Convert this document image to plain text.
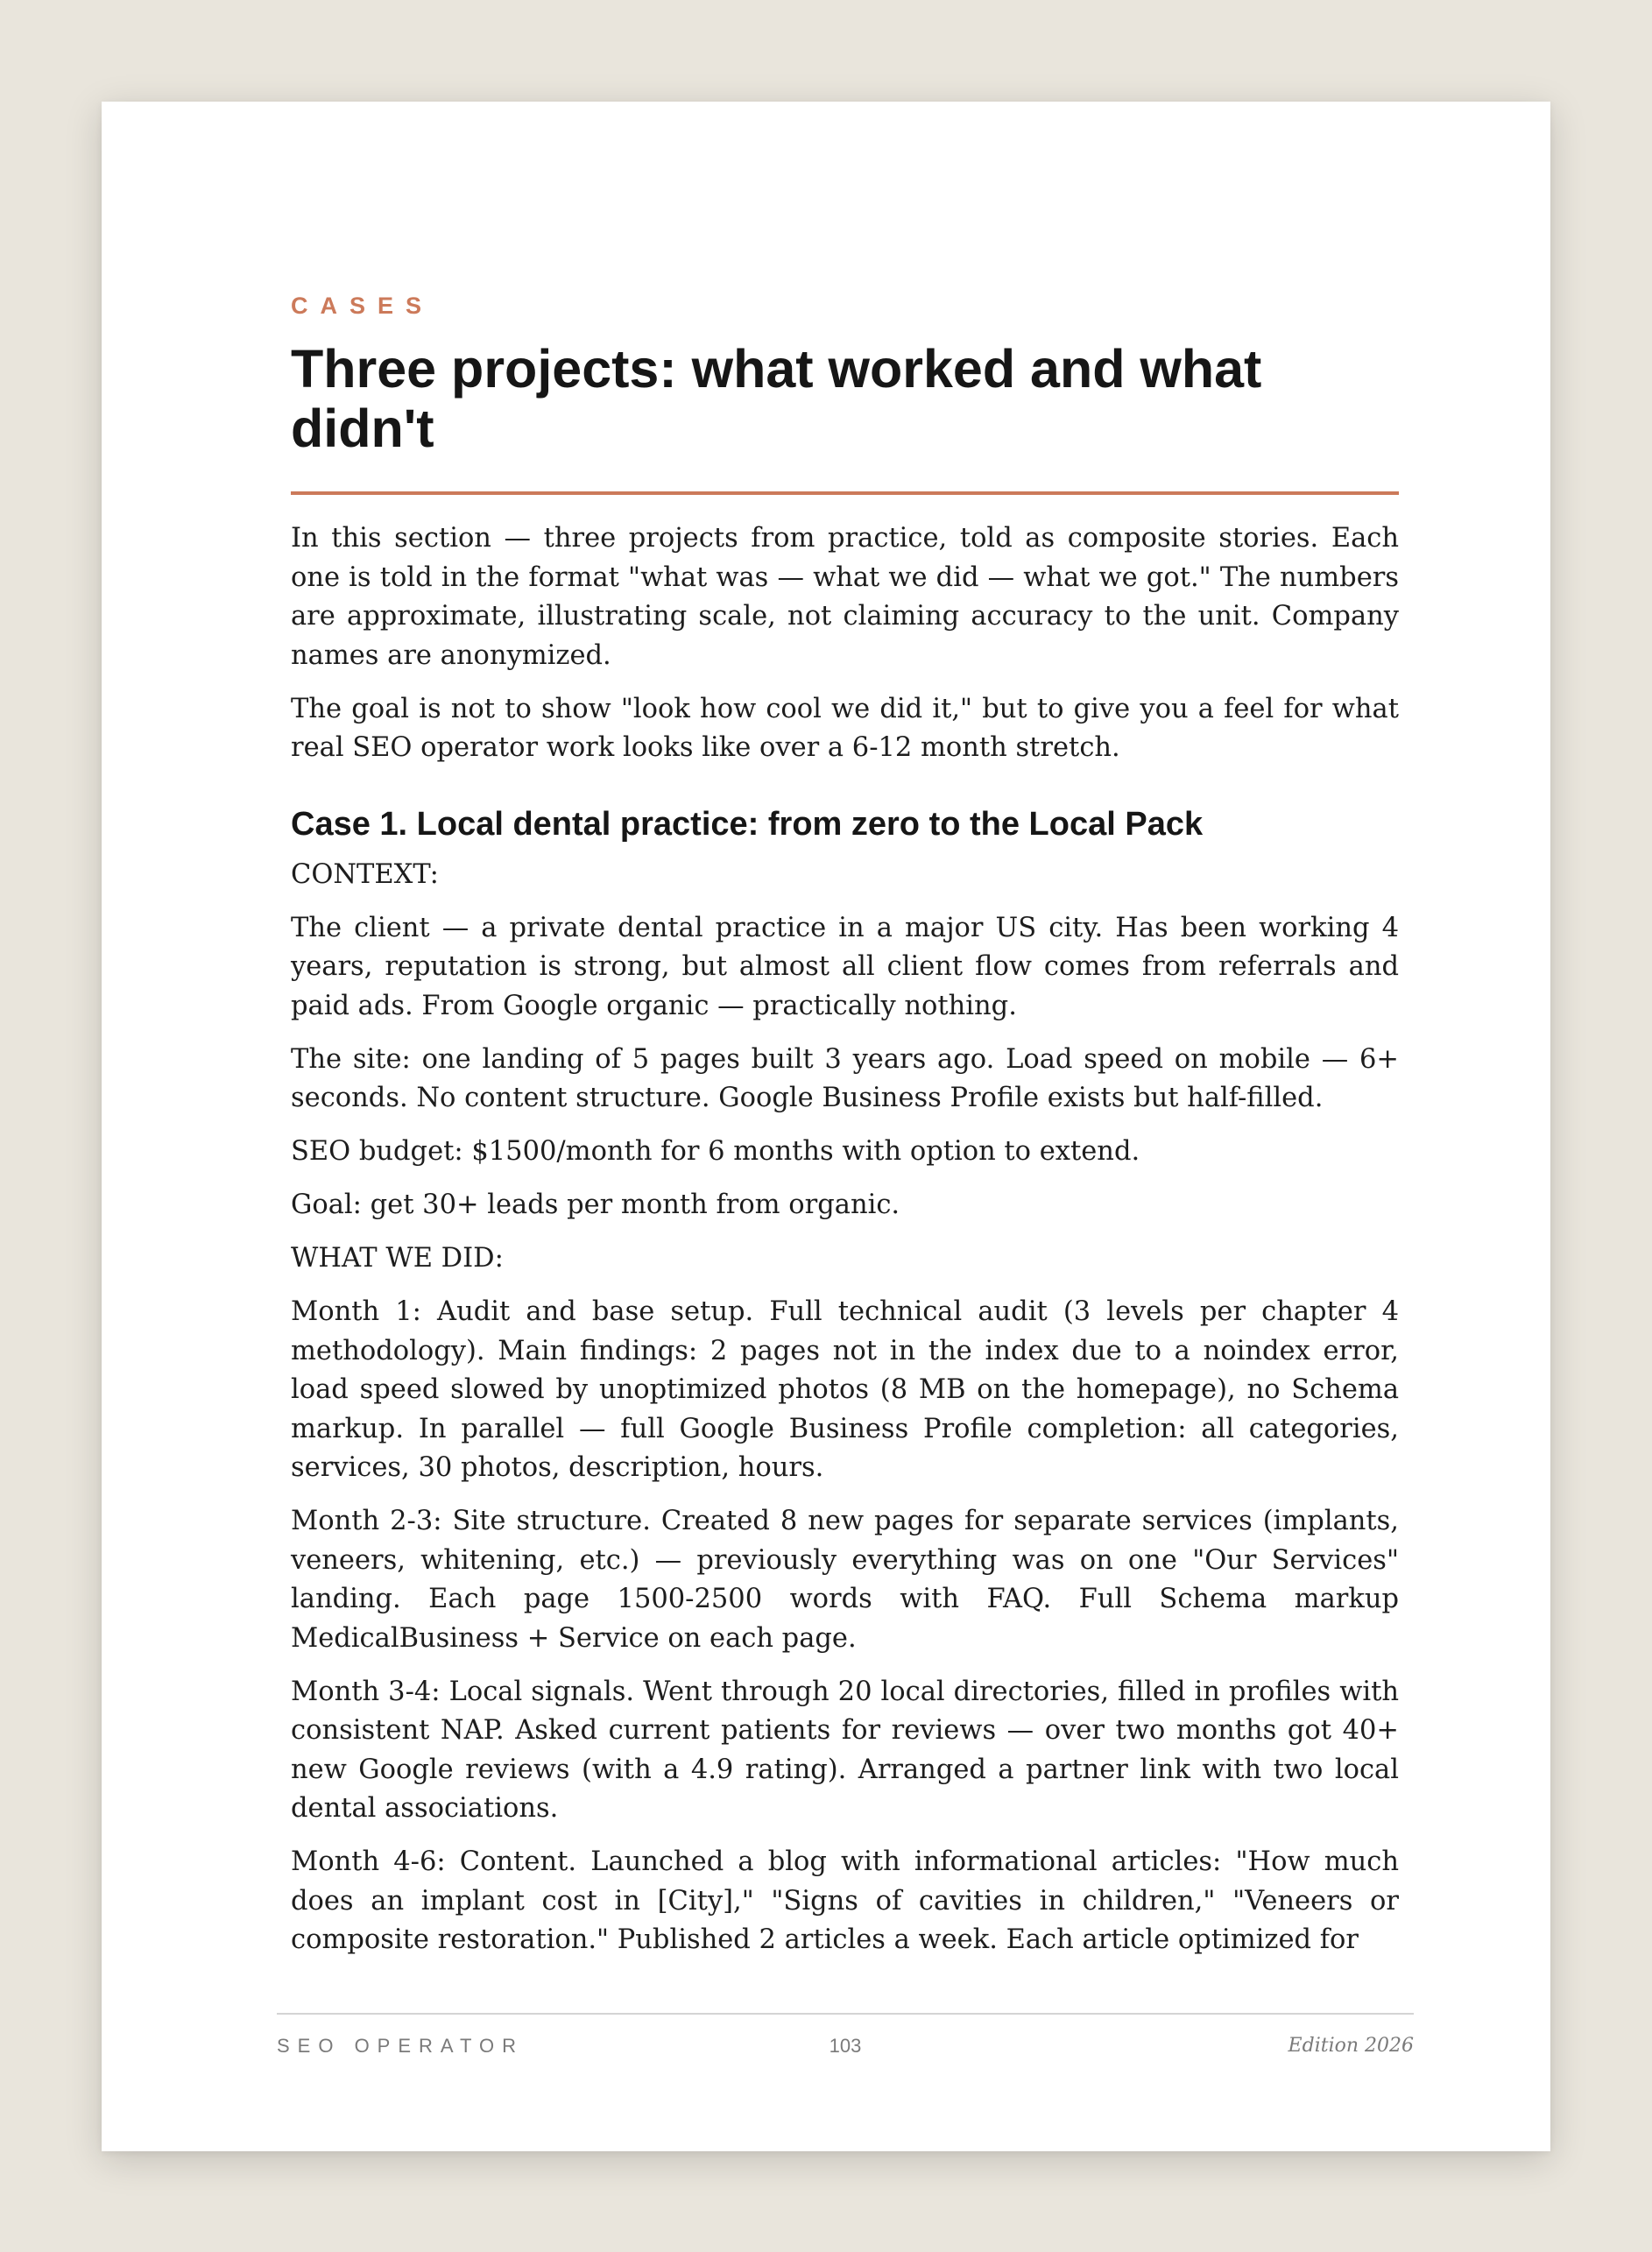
CASES
Three projects: what worked and what didn't

In this section — three projects from practice, told as composite stories. Each one is told in the format "what was — what we did — what we got." The numbers are approximate, illustrating scale, not claiming accuracy to the unit. Company names are anonymized.

The goal is not to show "look how cool we did it," but to give you a feel for what real SEO operator work looks like over a 6-12 month stretch.

Case 1. Local dental practice: from zero to the Local Pack

CONTEXT:

The client — a private dental practice in a major US city. Has been working 4 years, reputation is strong, but almost all client flow comes from referrals and paid ads. From Google organic — practically nothing.

The site: one landing of 5 pages built 3 years ago. Load speed on mobile — 6+ seconds. No content structure. Google Business Profile exists but half-filled.

SEO budget: $1500/month for 6 months with option to extend.

Goal: get 30+ leads per month from organic.

WHAT WE DID:

Month 1: Audit and base setup. Full technical audit (3 levels per chapter 4 methodology). Main findings: 2 pages not in the index due to a noindex error, load speed slowed by unoptimized photos (8 MB on the homepage), no Schema markup. In parallel — full Google Business Profile completion: all categories, services, 30 photos, description, hours.

Month 2-3: Site structure. Created 8 new pages for separate services (implants, veneers, whitening, etc.) — previously everything was on one "Our Services" landing. Each page 1500-2500 words with FAQ. Full Schema markup MedicalBusiness + Service on each page.

Month 3-4: Local signals. Went through 20 local directories, filled in profiles with consistent NAP. Asked current patients for reviews — over two months got 40+ new Google reviews (with a 4.9 rating). Arranged a partner link with two local dental associations.

Month 4-6: Content. Launched a blog with informational articles: "How much does an implant cost in [City]," "Signs of cavities in children," "Veneers or composite restoration." Published 2 articles a week. Each article optimized for

SEO OPERATOR	103	Edition 2026
